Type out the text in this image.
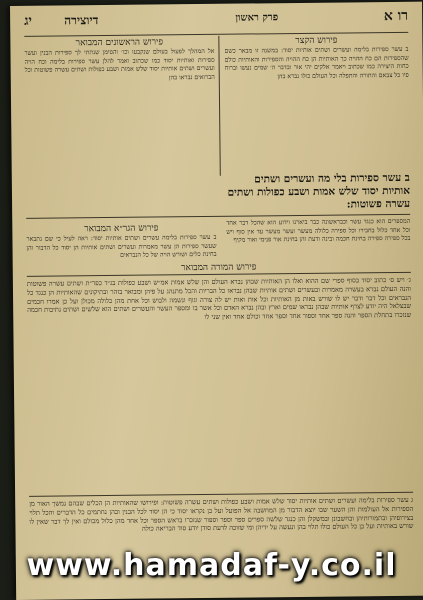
רו א
פרק ראשון
דיוצירה
יג
פירוש הקצר
פירוש הראשונים המבואר
ב עשר ספירות בלימה ועשרים ושתים אותיות יסוד: במשנה זו מבאר כשם שהספירות הם כח ההויה כך האותיות הן כח ההויה והספירות והאותיות כולם כחות היצירה כמו שכתוב ויאמר אלקים יהי אור ובדבר ה׳ שמים נעשו וברוח פיו כל צבאם והתורה והתפלה וכל העולם כולו נברא בהן
אל המהלך לפעול בעולם שנקבעו וכו׳ והסימן שנתתי לך ספירות הבנין ועשר ספירות ואותיות יסוד כמו שכתוב ואמר להלן עשר ספירות בלימה וכח הויה ועשרים ושתים אותיות יסוד שלש אמות ושבע כפולות ושתים עשרה פשוטות וכל הברואים נבראו בהן
ב עשר ספירות בלי מה ועשרים ושתים אותיות יסוד שלש אמות ושבע כפולות ושתים עשרה פשוטות:
המספרים הוא כנגד עשר וכבראשונה כבר ביארנו וידוע הוא שהכל דבר אחד וכל אחד כלול בחבירו וכל ספירה כלולה מעשר ועשר מעשר עד אין סוף ויש בכל ספירה ספירה בחינת חכמה ובינה ודעת והן בחינת אור פנימי ואור מקיף
פירוש הגר״א המבואר
ב עשר ספירות בלימה עשרים ושתים אותיות יסוד: ראה לעיל כי שם נתבאר שעשר ספירות הן עשר מאמרות ועשרים ושתים אותיות הן יסוד כל הדבור והן בחינת כלים ושורש הויה של כל הנבראים
פירוש המורה המבואר
ג׳ ויש ס׳ כתוב יסוד בסוף ספרי שם ההוא ואלו הן האותיות שבהן נברא העולם והן שלש אמות אמ״ש ושבע כפולות בג״ד כפר״ת ושתים עשרה פשוטות והנה העולם נברא בעשרה מאמרות ובעשרים ושתים אותיות שבהן נבראו כל הבריות והכל מתנהג על פיהן ומבואר בזהר ובתיקונים שהאותיות הן כנגד כל הנבראים וכל דבר ודבר יש לו שורש באות מן האותיות וכל אות ואות יש לה צורה וגוף ונשמה ולבוש וכל אחת מהן כלולה מכולן ועל כן אמרו חכמים שבצלאל היה יודע לצרף אותיות שבהן נבראו שמים וארץ ובהן נברא האדם וכל אשר בו ומספר העשר והעשרים ושתים הוא שלשים ושתים נתיבות חכמה שנזכרו בתחלת הספר והנה ספר אחד וספור אחד וספר אחד וכולם אחד ואין שני לו
ג עשר ספירות בלימה ועשרים ושתים אותיות יסוד שלש אמות ושבע כפולות ושתים עשרה פשוטות: ופירושו שהאותיות הן הכלים שבהם נמשך האור מן הספירות אל העולמות והן השער שבו יוצא הדבור מן המחשבה אל הפועל ועל כן נקראו יסוד כי הן יסוד לכל הבנין ובהן נחתמים כל הדברים והכל תלוי בצירופיהן ובתמורותיהן ובחשבונן ובמשקלן והן כנגד שלשה ספרים ספר וספר וספור שנזכרו בראש הספר וכל אחד מהן כלול מכולם ואין לך דבר שאין לו שורש באותיות ועל כן כל העולם כולו תלוי בהן ונעשה על ידיהן ומי שזוכה לדעת סודן יודע סוד הבריאה כולה
www.hamadaf-y.co.il
